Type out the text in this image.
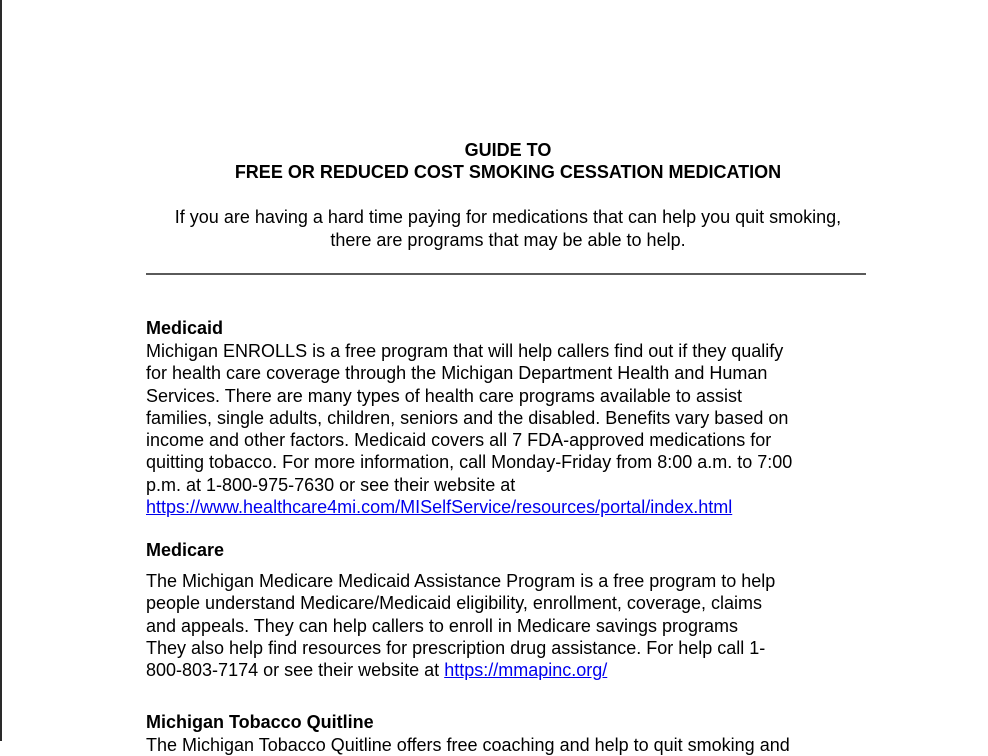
GUIDE TO
FREE OR REDUCED COST SMOKING CESSATION MEDICATION
If you are having a hard time paying for medications that can help you quit smoking,
there are programs that may be able to help.
Medicaid
Michigan ENROLLS is a free program that will help callers find out if they qualify
for health care coverage through the Michigan Department Health and Human
Services. There are many types of health care programs available to assist
families, single adults, children, seniors and the disabled. Benefits vary based on
income and other factors. Medicaid covers all 7 FDA-approved medications for
quitting tobacco. For more information, call Monday-Friday from 8:00 a.m. to 7:00
p.m. at 1-800-975-7630 or see their website at
https://www.healthcare4mi.com/MISelfService/resources/portal/index.html
Medicare
The Michigan Medicare Medicaid Assistance Program is a free program to help
people understand Medicare/Medicaid eligibility, enrollment, coverage, claims
and appeals. They can help callers to enroll in Medicare savings programs
They also help find resources for prescription drug assistance. For help call 1-
800-803-7174 or see their website at https://mmapinc.org/
Michigan Tobacco Quitline
The Michigan Tobacco Quitline offers free coaching and help to quit smoking and
